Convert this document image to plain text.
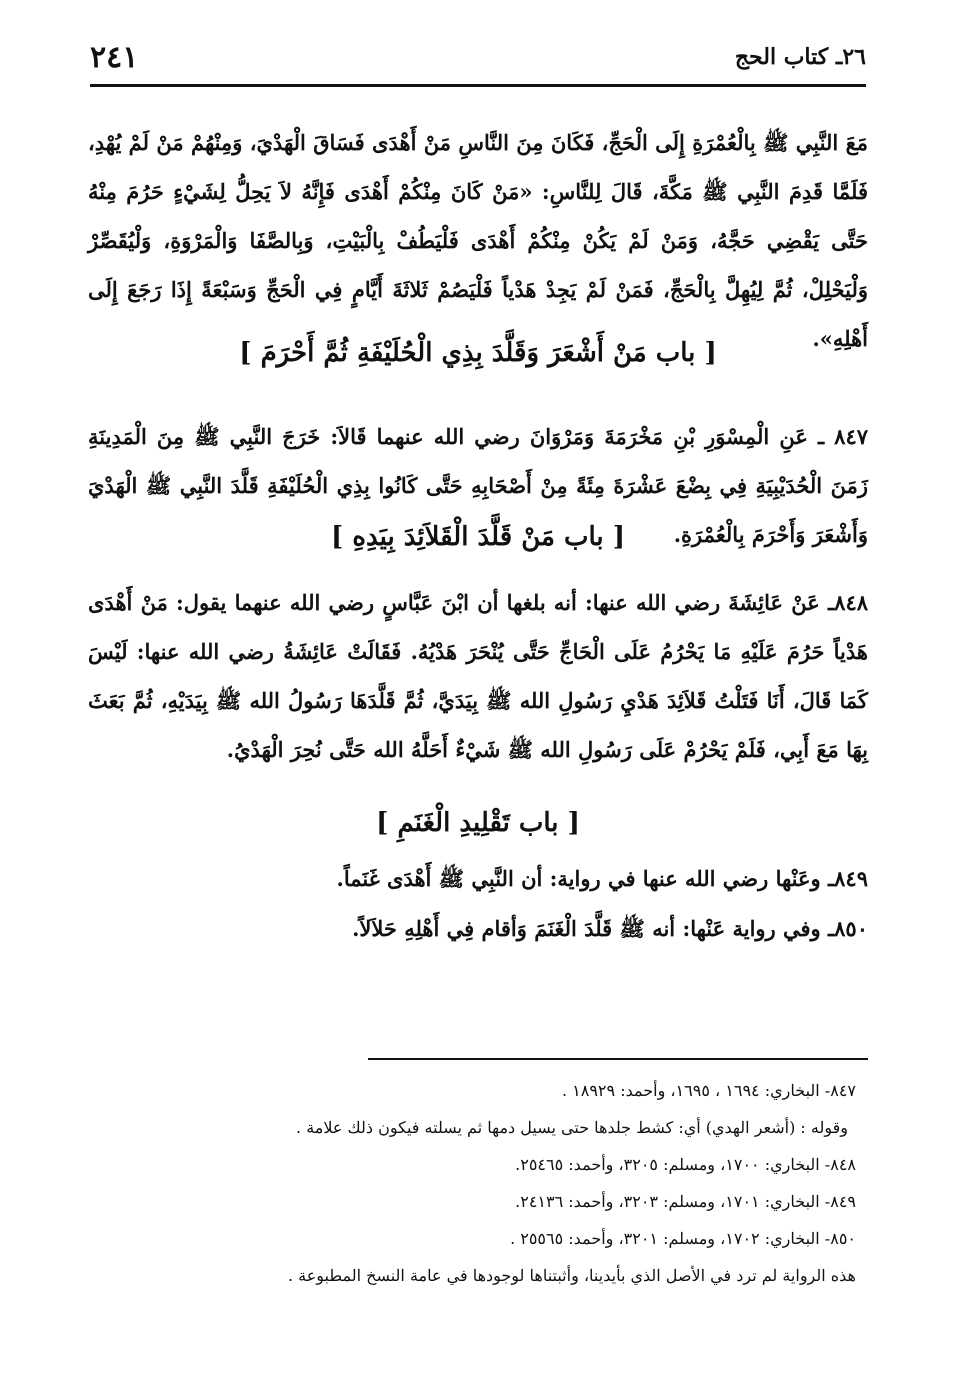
٢٦ـ كتاب الحج
٢٤١
مَعَ النَّبِي ﷺ بِالْعُمْرَةِ إِلَى الْحَجِّ، فَكَانَ مِنَ النَّاسِ مَنْ أَهْدَى فَسَاقَ الْهَدْيَ، وَمِنْهُمْ مَنْ لَمْ يُهْدِ، فَلَمَّا قَدِمَ النَّبِي ﷺ مَكَّةَ، قَالَ لِلنَّاسِ: «مَنْ كَانَ مِنْكُمْ أَهْدَى فَإِنَّهُ لاَ يَحِلُّ لِشَيْءٍ حَرُمَ مِنْهُ حَتَّى يَقْضِي حَجَّهُ، وَمَنْ لَمْ يَكُنْ مِنْكُمْ أَهْدَى فَلْيَطُفْ بِالْبَيْتِ، وَبِالصَّفَا وَالْمَرْوَةِ، وَلْيُقَصِّرْ وَلْيَحْلِلْ، ثُمَّ لِيُهِلَّ بِالْحَجِّ، فَمَنْ لَمْ يَجِدْ هَدْياً فَلْيَصُمْ ثَلاثَةَ أَيَّامٍ فِي الْحَجِّ وَسَبْعَةً إِذَا رَجَعَ إِلَى أَهْلِهِ».
[ باب مَنْ أَشْعَرَ وَقَلَّدَ بِذِي الْحُلَيْفَةِ ثُمَّ أَحْرَمَ ]
٨٤٧ ـ عَنِ الْمِسْوَرِ بْنِ مَخْرَمَةَ وَمَرْوَانَ رضي الله عنهما قَالاَ: خَرَجَ النَّبِي ﷺ مِنَ الْمَدِينَةِ زَمَنَ الْحُدَيْبِيَةِ فِي بِضْعَ عَشْرَةَ مِئَةً مِنْ أَصْحَابِهِ حَتَّى كَانُوا بِذِي الْحُلَيْفَةِ قَلَّدَ النَّبِي ﷺ الْهَدْيَ وَأَشْعَرَ وَأَحْرَمَ بِالْعُمْرَةِ.
[ باب مَنْ قَلَّدَ الْقَلاَئِدَ بِيَدِهِ ]
٨٤٨ـ عَنْ عَائِشَةَ رضي الله عنها: أنه بلغها أن ابْنَ عَبَّاسٍ رضي الله عنهما يقول: مَنْ أَهْدَى هَدْياً حَرُمَ عَلَيْهِ مَا يَحْرُمُ عَلَى الْحَاجِّ حَتَّى يُنْحَرَ هَدْيُهُ. فَقَالَتْ عَائِشَةُ رضي الله عنها: لَيْسَ كَمَا قَالَ، أَنَا فَتَلْتُ قَلاَئِدَ هَدْيِ رَسُولِ الله ﷺ بِيَدَيَّ، ثُمَّ قَلَّدَهَا رَسُولُ الله ﷺ بِيَدَيْهِ، ثُمَّ بَعَثَ بِهَا مَعَ أَبِي، فَلَمْ يَحْرُمْ عَلَى رَسُولِ الله ﷺ شَيْءٌ أَحَلَّهُ الله حَتَّى نُحِرَ الْهَدْيُ.
[ باب تَقْلِيدِ الْغَنَمِ ]
٨٤٩ـ وعَنْها رضي الله عنها في رواية: أن النَّبِي ﷺ أَهْدَى غَنَماً.
٨٥٠ـ وفي رواية عَنْها: أنه ﷺ قَلَّدَ الْغَنَمَ وَأقام فِي أَهْلِهِ حَلاَلاً.
٨٤٧- البخاري: ١٦٩٤ ، ١٦٩٥، وأحمد: ١٨٩٢٩ .
وقوله : (أشعر الهدي) أي: كشط جلدها حتى يسيل دمها ثم يسلته فيكون ذلك علامة .
٨٤٨- البخاري: ١٧٠٠، ومسلم: ٣٢٠٥، وأحمد: ٢٥٤٦٥.
٨٤٩- البخاري: ١٧٠١، ومسلم: ٣٢٠٣، وأحمد: ٢٤١٣٦.
٨٥٠- البخاري: ١٧٠٢، ومسلم: ٣٢٠١، وأحمد: ٢٥٥٦٥ .
هذه الرواية لم ترد في الأصل الذي بأيدينا، وأثبتناها لوجودها في عامة النسخ المطبوعة .
